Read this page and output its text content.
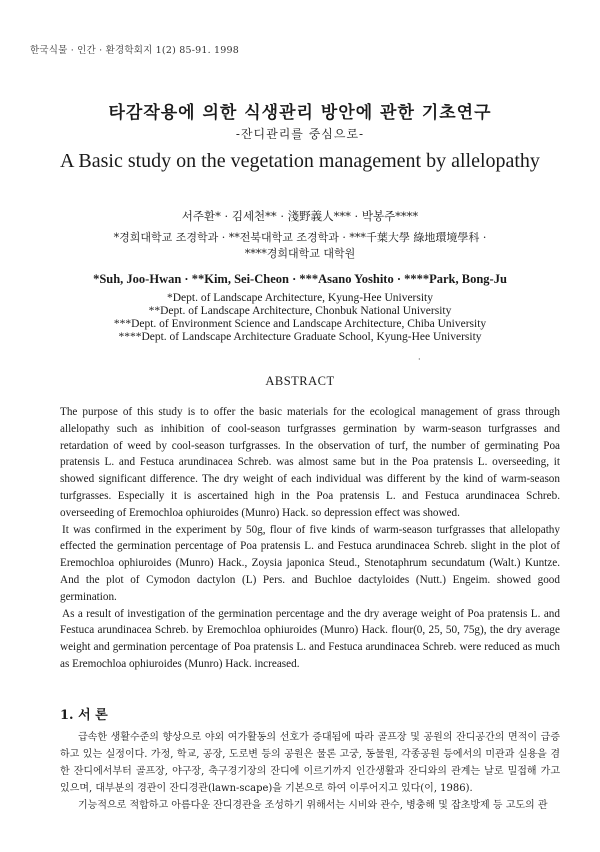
한국식물 · 인간 · 환경학회지 1(2) 85-91. 1998
타감작용에 의한 식생관리 방안에 관한 기초연구
-잔디관리를 중심으로-
A Basic study on the vegetation management by allelopathy
서주환* · 김세천** · 淺野義人*** · 박봉주****
*경희대학교 조경학과 · **전북대학교 조경학과 · ***千葉大學 綠地環境學科 ·
****경희대학교 대학원
*Suh, Joo-Hwan · **Kim, Sei-Cheon · ***Asano Yoshito · ****Park, Bong-Ju
*Dept. of Landscape Architecture, Kyung-Hee University
**Dept. of Landscape Architecture, Chonbuk National University
***Dept. of Environment Science and Landscape Architecture, Chiba University
****Dept. of Landscape Architecture Graduate School, Kyung-Hee University
·
ABSTRACT

The purpose of this study is to offer the basic materials for the ecological management of grass through allelopathy such as inhibition of cool-season turfgrasses germination by warm-season turfgrasses and retardation of weed by cool-season turfgrasses. In the observation of turf, the number of germinating Poa pratensis L. and Festuca arundinacea Schreb. was almost same but in the Poa pratensis L. overseeding, it showed significant difference. The dry weight of each individual was different by the kind of warm-season turfgrasses. Especially it is ascertained high in the Poa pratensis L. and Festuca arundinacea Schreb. overseeding of Eremochloa ophiuroides (Munro) Hack. so depression effect was showed.

It was confirmed in the experiment by 50g, flour of five kinds of warm-season turfgrasses that allelopathy effected the germination percentage of Poa pratensis L. and Festuca arundinacea Schreb. slight in the plot of Eremochloa ophiuroides (Munro) Hack., Zoysia japonica Steud., Stenotaphrum secundatum (Walt.) Kuntze. And the plot of Cymodon dactylon (L) Pers. and Buchloe dactyloides (Nutt.) Engeim. showed good germination.

As a result of investigation of the germination percentage and the dry average weight of Poa pratensis L. and Festuca arundinacea Schreb. by Eremochloa ophiuroides (Munro) Hack. flour(0, 25, 50, 75g), the dry average weight and germination percentage of Poa pratensis L. and Festuca arundinacea Schreb. were reduced as much as Eremochloa ophiuroides (Munro) Hack. increased.

1. 서 론

급속한 생활수준의 향상으로 야외 여가활동의 선호가 증대됨에 따라 골프장 및 공원의 잔디공간의 면적이 급증하고 있는 실정이다. 가정, 학교, 공장, 도로변 등의 공원은 물론 고궁, 동물원, 각종공원 등에서의 미관과 실용을 겸한 잔디에서부터 골프장, 야구장, 축구경기장의 잔디에 이르기까지 인간생활과 잔디와의 관계는 날로 밀접해 가고 있으며, 대부분의 경관이 잔디경관(lawn-scape)을 기본으로 하여 이루어지고 있다(이, 1986).

기능적으로 적합하고 아름다운 잔디경관을 조성하기 위해서는 시비와 관수, 병충해 및 잡초방제 등 고도의 관
